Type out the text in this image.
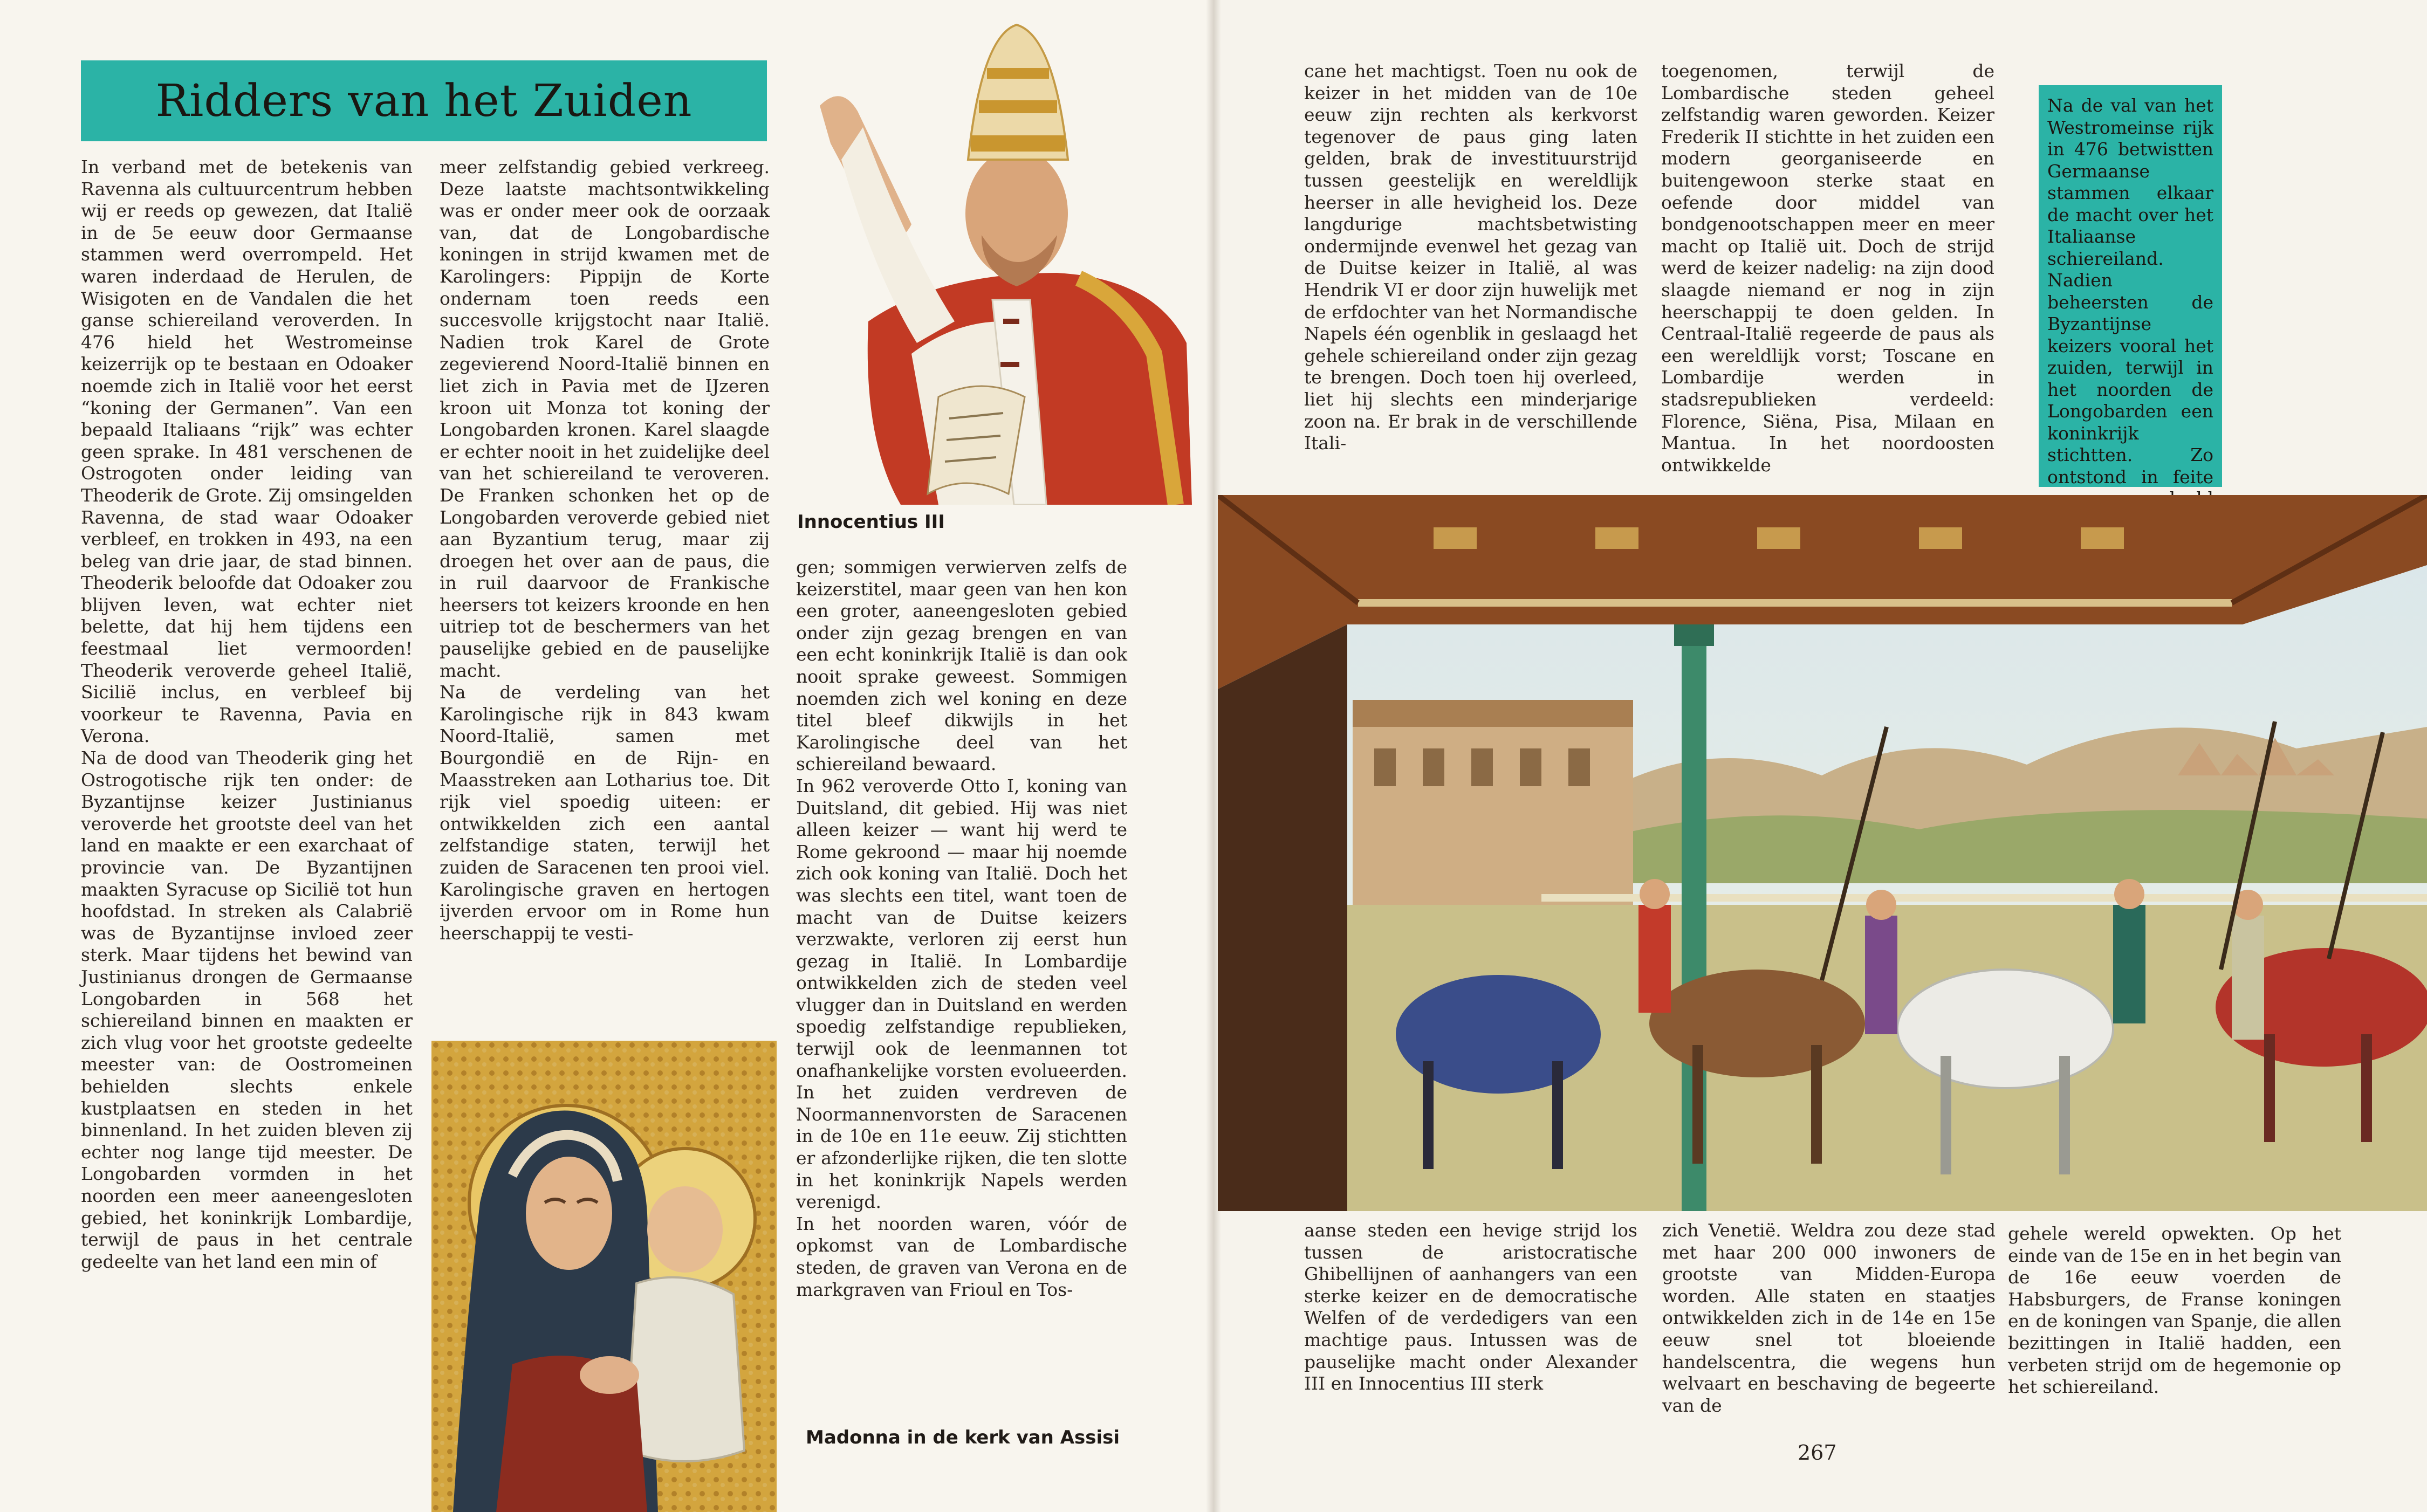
Ridders van het Zuiden

In verband met de betekenis van Ravenna als cultuurcentrum hebben wij er reeds op gewezen, dat Italië in de 5e eeuw door Germaanse stammen werd overrompeld. Het waren inderdaad de Herulen, de Wisigoten en de Vandalen die het ganse schiereiland veroverden. In 476 hield het Westromeinse keizerrijk op te bestaan en Odoaker noemde zich in Italië voor het eerst “koning der Germanen”. Van een bepaald Italiaans “rijk” was echter geen sprake. In 481 verschenen de Ostrogoten onder leiding van Theoderik de Grote. Zij omsingelden Ravenna, de stad waar Odoaker verbleef, en trokken in 493, na een beleg van drie jaar, de stad binnen. Theoderik beloofde dat Odoaker zou blijven leven, wat echter niet belette, dat hij hem tijdens een feestmaal liet vermoorden! Theoderik veroverde geheel Italië, Sicilië inclus, en verbleef bij voorkeur te Ravenna, Pavia en Verona.

Na de dood van Theoderik ging het Ostrogotische rijk ten onder: de Byzantijnse keizer Justinianus veroverde het grootste deel van het land en maakte er een exarchaat of provincie van. De Byzantijnen maakten Syracuse op Sicilië tot hun hoofdstad. In streken als Calabrië was de Byzantijnse invloed zeer sterk. Maar tijdens het bewind van Justinianus drongen de Germaanse Longobarden in 568 het schiereiland binnen en maakten er zich vlug voor het grootste gedeelte meester van: de Oostromeinen behielden slechts enkele kustplaatsen en steden in het binnenland. In het zuiden bleven zij echter nog lange tijd meester. De Longobarden vormden in het noorden een meer aaneengesloten gebied, het koninkrijk Lombardije, terwijl de paus in het centrale gedeelte van het land een min of

meer zelfstandig gebied verkreeg. Deze laatste machtsontwikkeling was er onder meer ook de oorzaak van, dat de Longobardische koningen in strijd kwamen met de Karolingers: Pippijn de Korte ondernam toen reeds een succesvolle krijgstocht naar Italië. Nadien trok Karel de Grote zegevierend Noord-Italië binnen en liet zich in Pavia met de IJzeren kroon uit Monza tot koning der Longobarden kronen. Karel slaagde er echter nooit in het zuidelijke deel van het schiereiland te veroveren. De Franken schonken het op de Longobarden veroverde gebied niet aan Byzantium terug, maar zij droegen het over aan de paus, die in ruil daarvoor de Frankische heersers tot keizers kroonde en hen uitriep tot de beschermers van het pauselijke gebied en de pauselijke macht.

Na de verdeling van het Karolingische rijk in 843 kwam Noord-Italië, samen met Bourgondië en de Rijn- en Maasstreken aan Lotharius toe. Dit rijk viel spoedig uiteen: er ontwikkelden zich een aantal zelfstandige staten, terwijl het zuiden de Saracenen ten prooi viel. Karolingische graven en hertogen ijverden ervoor om in Rome hun heerschappij te vesti-

Innocentius III

gen; sommigen verwierven zelfs de keizerstitel, maar geen van hen kon een groter, aaneengesloten gebied onder zijn gezag brengen en van een echt koninkrijk Italië is dan ook nooit sprake geweest. Sommigen noemden zich wel koning en deze titel bleef dikwijls in het Karolingische deel van het schiereiland bewaard.

In 962 veroverde Otto I, koning van Duitsland, dit gebied. Hij was niet alleen keizer — want hij werd te Rome gekroond — maar hij noemde zich ook koning van Italië. Doch het was slechts een titel, want toen de macht van de Duitse keizers verzwakte, verloren zij eerst hun gezag in Italië. In Lombardije ontwikkelden zich de steden veel vlugger dan in Duitsland en werden spoedig zelfstandige republieken, terwijl ook de leenmannen tot onafhankelijke vorsten evolueerden. In het zuiden verdreven de Noormannenvorsten de Saracenen in de 10e en 11e eeuw. Zij stichtten er afzonderlijke rijken, die ten slotte in het koninkrijk Napels werden verenigd.

In het noorden waren, vóór de opkomst van de Lombardische steden, de graven van Verona en de markgraven van Frioul en Tos-

Madonna in de kerk van Assisi

cane het machtigst. Toen nu ook de keizer in het midden van de 10e eeuw zijn rechten als kerkvorst tegenover de paus ging laten gelden, brak de investituurstrijd tussen geestelijk en wereldlijk heerser in alle hevigheid los. Deze langdurige machtsbetwisting ondermijnde evenwel het gezag van de Duitse keizer in Italië, al was Hendrik VI er door zijn huwelijk met de erfdochter van het Normandische Napels één ogenblik in geslaagd het gehele schiereiland onder zijn gezag te brengen. Doch toen hij overleed, liet hij slechts een minderjarige zoon na. Er brak in de verschillende Itali-

toegenomen, terwijl de Lombardische steden geheel zelfstandig waren geworden. Keizer Frederik II stichtte in het zuiden een modern georganiseerde en buitengewoon sterke staat en oefende door middel van bondgenootschappen meer en meer macht op Italië uit. Doch de strijd werd de keizer nadelig: na zijn dood slaagde niemand er nog in zijn heerschappij te doen gelden. In Centraal-Italië regeerde de paus als een wereldlijk vorst; Toscane en Lombardije werden in stadsrepublieken verdeeld: Florence, Siëna, Pisa, Milaan en Mantua. In het noordoosten ontwikkelde

Na de val van het Westromeinse rijk in 476 betwistten Germaanse stammen elkaar de macht over het Italiaanse schiereiland. Nadien beheersten de Byzantijnse keizers vooral het zuiden, terwijl in het noorden de Longobarden een koninkrijk stichtten. Zo ontstond in feite

aanse steden een hevige strijd los tussen de aristocratische Ghibellijnen of aanhangers van een sterke keizer en de democratische Welfen of de verdedigers van een machtige paus. Intussen was de pauselijke macht onder Alexander III en Innocentius III sterk

zich Venetië. Weldra zou deze stad met haar 200 000 inwoners de grootste van Midden-Europa worden. Alle staten en staatjes ontwikkelden zich in de 14e en 15e eeuw snel tot bloeiende handelscentra, die wegens hun welvaart en beschaving de begeerte van de

gehele wereld opwekten. Op het einde van de 15e en in het begin van de 16e eeuw voerden de Habsburgers, de Franse koningen en de koningen van Spanje, die allen bezittingen in Italië hadden, een verbeten strijd om de hegemonie op het schiereiland.

267
